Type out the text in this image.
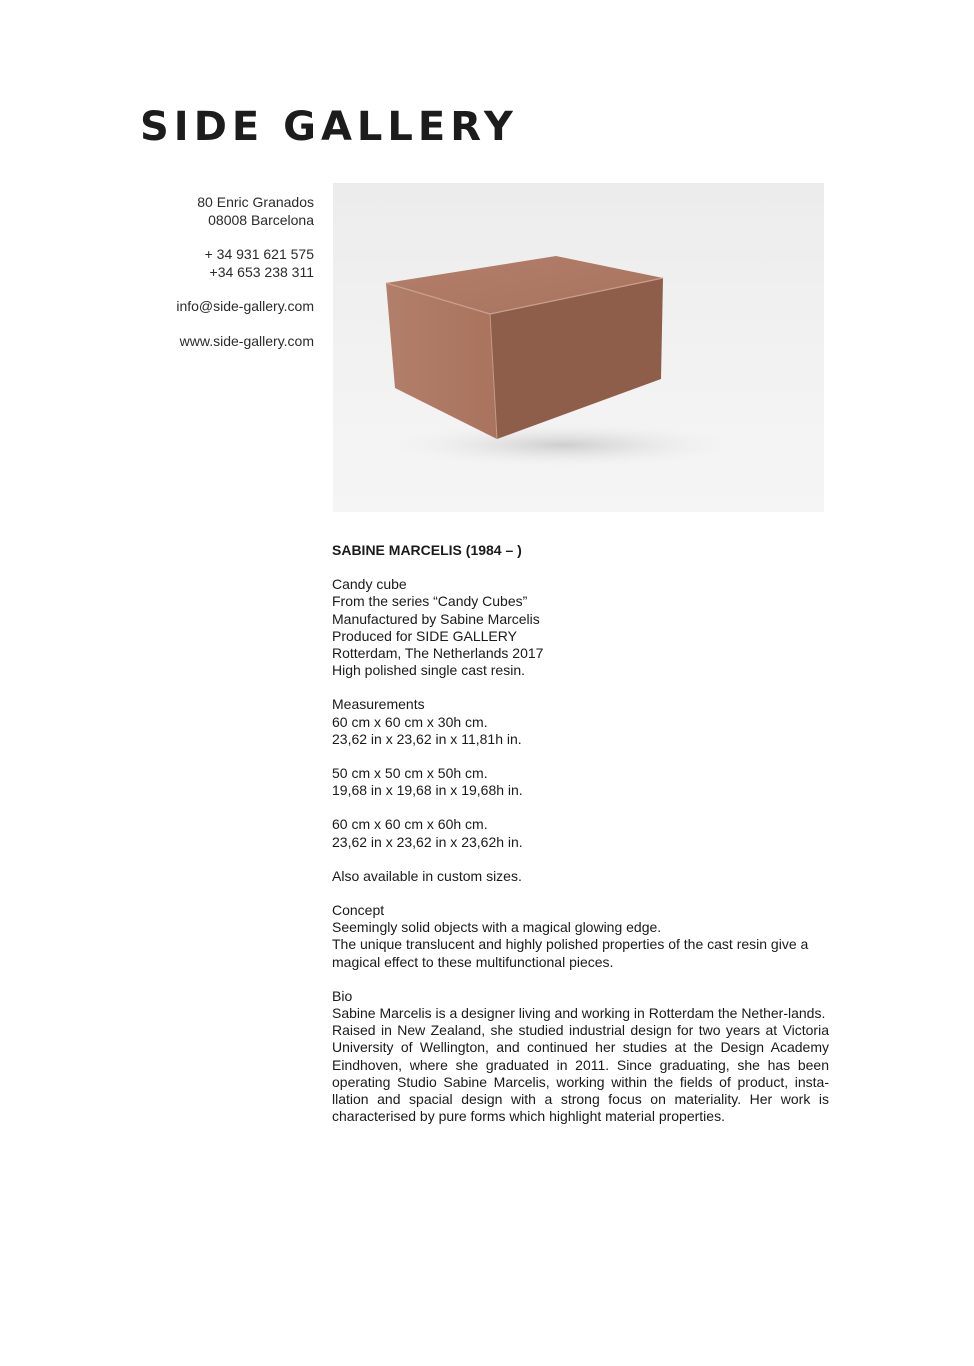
SIDE GALLERY
80 Enric Granados
08008 Barcelona
+ 34 931 621 575
+34 653 238 311
info@side-gallery.com
www.side-gallery.com

SABINE MARCELIS (1984 – )

Candy cube

From the series “Candy Cubes”

Manufactured by Sabine Marcelis

Produced for SIDE GALLERY

Rotterdam, The Netherlands 2017

High polished single cast resin.

Measurements

60 cm x 60 cm x 30h cm.

23,62 in x 23,62 in x 11,81h in.

50 cm x 50 cm x 50h cm.

19,68 in x 19,68 in x 19,68h in.

60 cm x 60 cm x 60h cm.

23,62 in x 23,62 in x 23,62h in.

Also available in custom sizes.

Concept

Seemingly solid objects with a magical glowing edge.

The unique translucent and highly polished properties of the cast resin give a magical effect to these multifunctional pieces.

Bio

Sabine Marcelis is a designer living and working in Rotterdam the Nether-lands.

Raised in New Zealand, she studied industrial design for two years at Victoria University of Wellington, and continued her studies at the Design Academy Eindhoven, where she graduated in 2011. Since graduating, she has been operating Studio Sabine Marcelis, working within the fields of product, insta-llation and spacial design with a strong focus on materiality. Her work is characterised by pure forms which highlight material properties.
